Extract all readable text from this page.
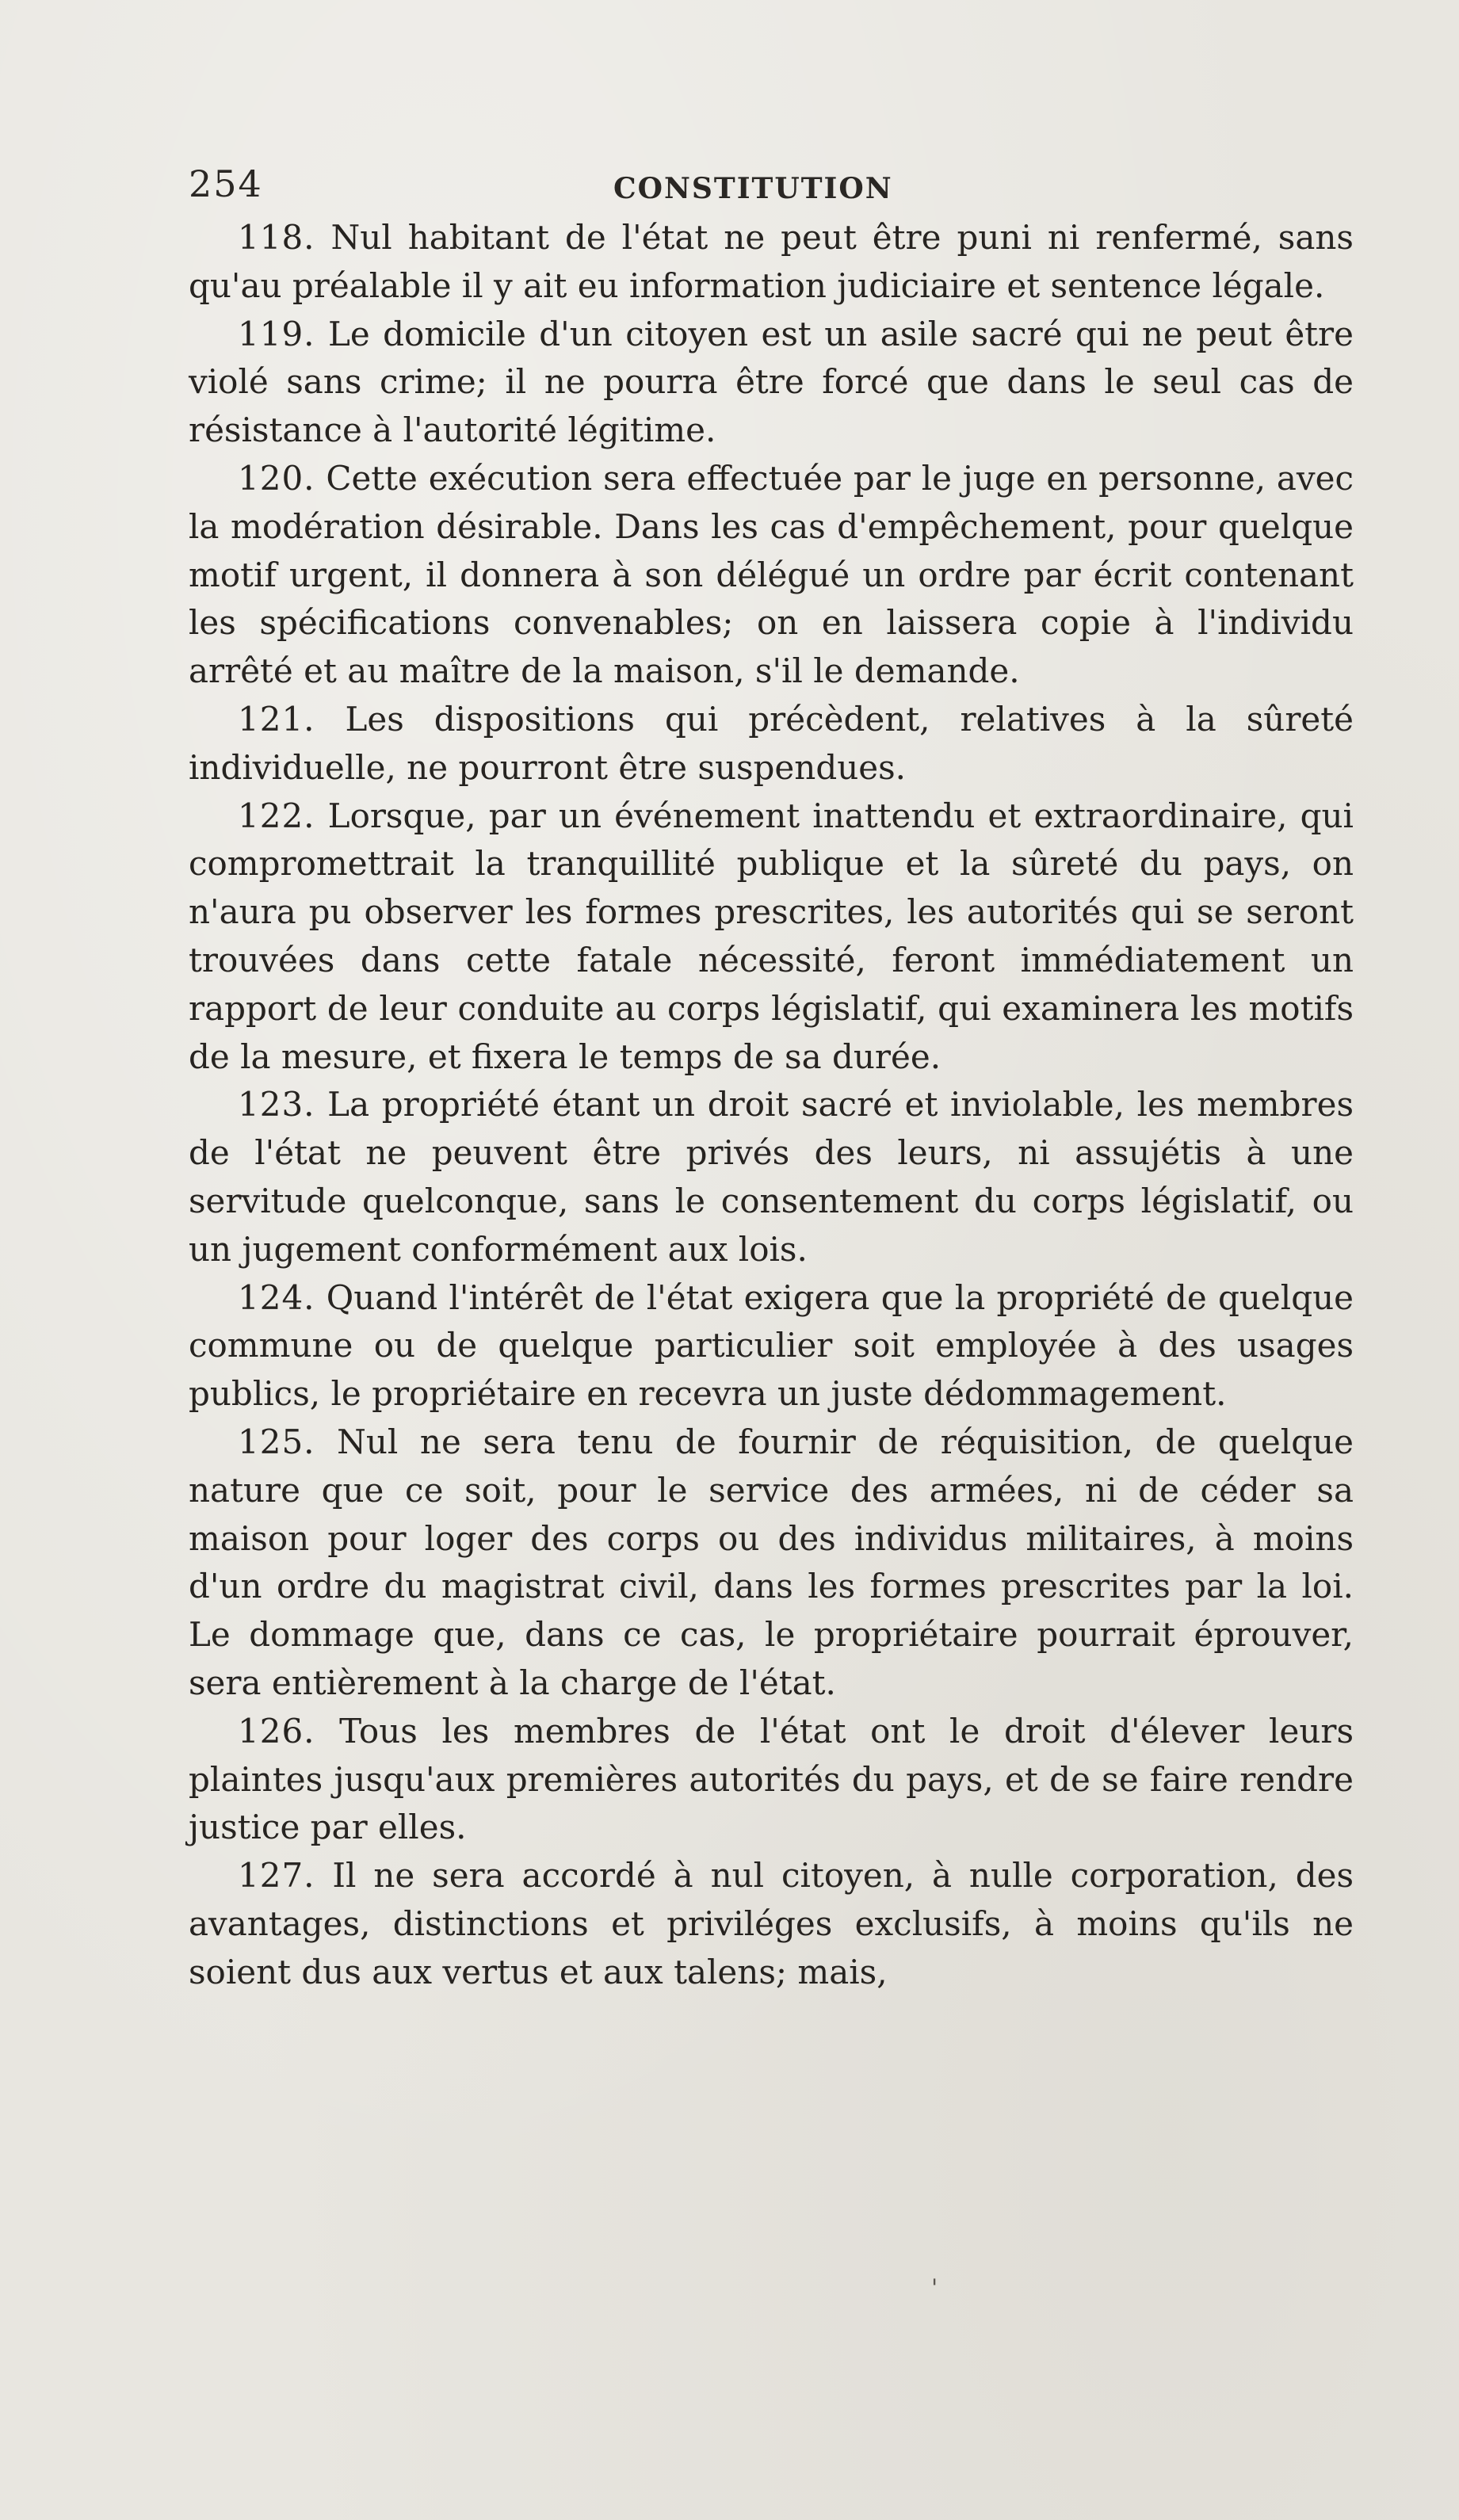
254	CONSTITUTION

118. Nul habitant de l'état ne peut être puni ni renfermé, sans qu'au préalable il y ait eu information judiciaire et sentence légale.

119. Le domicile d'un citoyen est un asile sacré qui ne peut être violé sans crime; il ne pourra être forcé que dans le seul cas de résistance à l'autorité légitime.

120. Cette exécution sera effectuée par le juge en personne, avec la modération désirable. Dans les cas d'empêchement, pour quelque motif urgent, il donnera à son délégué un ordre par écrit contenant les spécifications convenables; on en laissera copie à l'individu arrêté et au maître de la maison, s'il le demande.

121. Les dispositions qui précèdent, relatives à la sûreté individuelle, ne pourront être suspendues.

122. Lorsque, par un événement inattendu et extraordinaire, qui compromettrait la tranquillité publique et la sûreté du pays, on n'aura pu observer les formes prescrites, les autorités qui se seront trouvées dans cette fatale nécessité, feront immédiatement un rapport de leur conduite au corps législatif, qui examinera les motifs de la mesure, et fixera le temps de sa durée.

123. La propriété étant un droit sacré et inviolable, les membres de l'état ne peuvent être privés des leurs, ni assujétis à une servitude quelconque, sans le consentement du corps législatif, ou un jugement conformément aux lois.

124. Quand l'intérêt de l'état exigera que la propriété de quelque commune ou de quelque particulier soit employée à des usages publics, le propriétaire en recevra un juste dédommagement.

125. Nul ne sera tenu de fournir de réquisition, de quelque nature que ce soit, pour le service des armées, ni de céder sa maison pour loger des corps ou des individus militaires, à moins d'un ordre du magistrat civil, dans les formes prescrites par la loi. Le dommage que, dans ce cas, le propriétaire pourrait éprouver, sera entièrement à la charge de l'état.

126. Tous les membres de l'état ont le droit d'élever leurs plaintes jusqu'aux premières autorités du pays, et de se faire rendre justice par elles.

127. Il ne sera accordé à nul citoyen, à nulle corporation, des avantages, distinctions et priviléges exclusifs, à moins qu'ils ne soient dus aux vertus et aux talens; mais,

'
